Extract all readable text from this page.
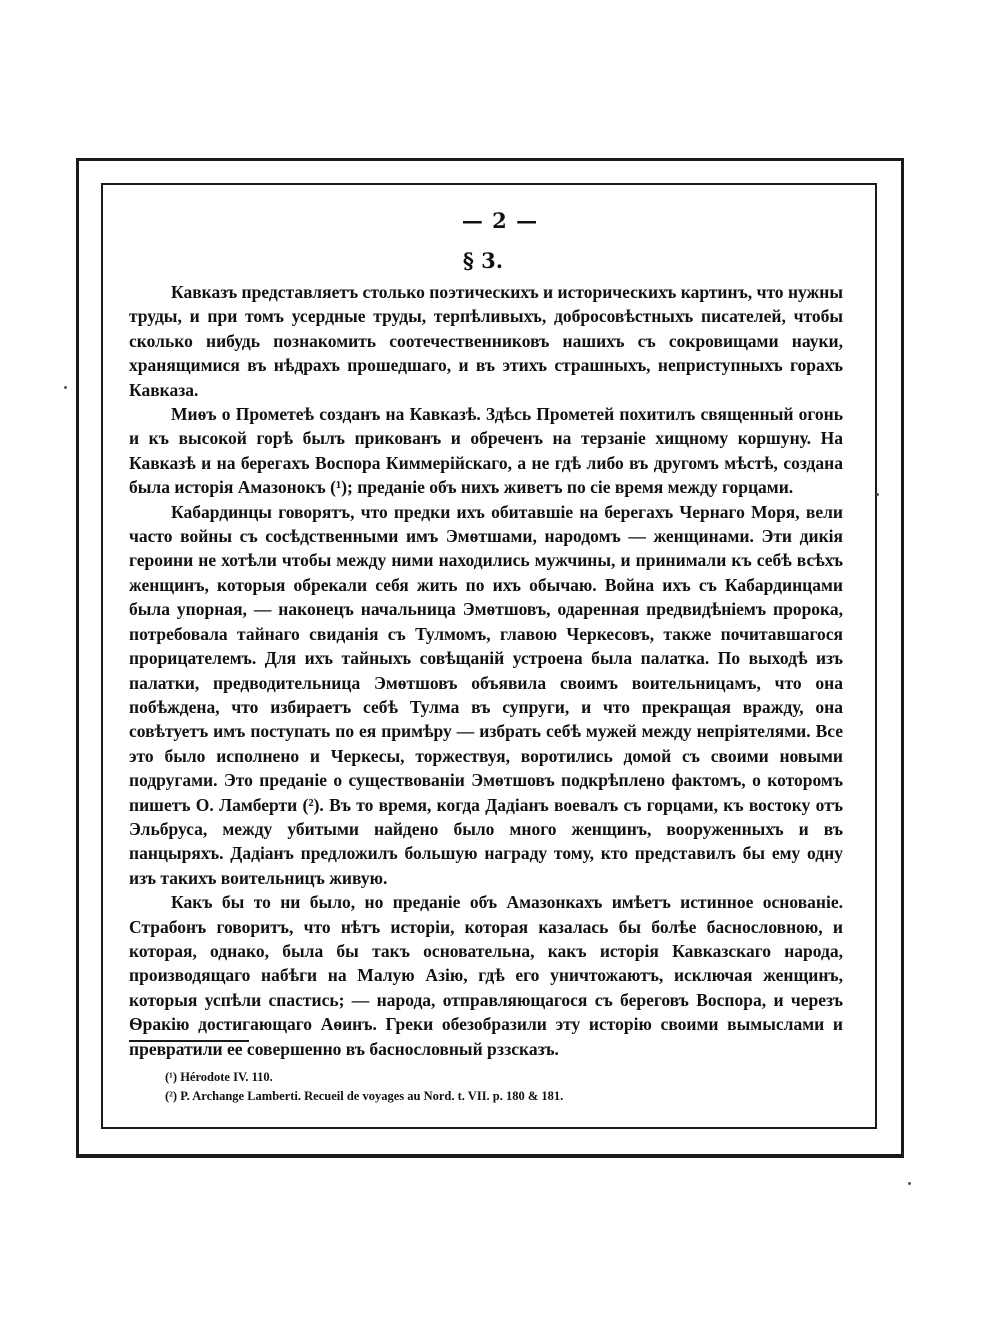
— 2 —
§ 3.

Кавказъ представляетъ столько поэтическихъ и историческихъ картинъ, что нужны труды, и при томъ усердные труды, терпѣливыхъ, добросовѣстныхъ писателей, чтобы сколько нибудь познакомить соотечественниковъ нашихъ съ сокровищами науки, хранящимися въ нѣдрахъ прошедшаго, и въ этихъ страшныхъ, неприступныхъ горахъ Кавказа.

Миѳъ о Прометеѣ созданъ на Кавказѣ. Здѣсь Прометей похитилъ священный огонь и къ высокой горѣ былъ прикованъ и обреченъ на терзаніе хищному коршуну. На Кавказѣ и на берегахъ Воспора Киммерійскаго, а не гдѣ либо въ другомъ мѣстѣ, создана была исторія Амазонокъ (¹); преданіе объ нихъ живетъ по сіе время между горцами.

Кабардинцы говорятъ, что предки ихъ обитавшіе на берегахъ Чернаго Моря, вели часто войны съ сосѣдственными имъ Эмѳтшами, народомъ — женщинами. Эти дикія героини не хотѣли чтобы между ними находились мужчины, и принимали къ себѣ всѣхъ женщинъ, которыя обрекали себя жить по ихъ обычаю. Война ихъ съ Кабардинцами была упорная, — наконецъ начальница Эмѳтшовъ, одаренная предвидѣніемъ пророка, потребовала тайнаго свиданія съ Тулмомъ, главою Черкесовъ, также почитавшагося прорицателемъ. Для ихъ тайныхъ совѣщаній устроена была палатка. По выходѣ изъ палатки, предводительница Эмѳтшовъ объявила своимъ воительницамъ, что она побѣждена, что избираетъ себѣ Тулма въ супруги, и что прекращая вражду, она совѣтуетъ имъ поступать по ея примѣру — избрать себѣ мужей между непріятелями. Все это было исполнено и Черкесы, торжествуя, воротились домой съ своими новыми подругами. Это преданіе о существованіи Эмѳтшовъ подкрѣплено фактомъ, о которомъ пишетъ О. Ламберти (²). Въ то время, когда Дадіанъ воевалъ съ горцами, къ востоку отъ Эльбруса, между убитыми найдено было много женщинъ, вооруженныхъ и въ панцыряхъ. Дадіанъ предложилъ большую награду тому, кто представилъ бы ему одну изъ такихъ воительницъ живую.

Какъ бы то ни было, но преданіе объ Амазонкахъ имѣетъ истинное основаніе. Страбонъ говоритъ, что нѣтъ исторіи, которая казалась бы болѣе баснословною, и которая, однако, была бы такъ основательна, какъ исторія Кавказскаго народа, производящаго набѣги на Малую Азію, гдѣ его уничтожаютъ, исключая женщинъ, которыя успѣли спастись; — народа, отправляющагося съ береговъ Воспора, и черезъ Ѳракію достигающаго Аѳинъ. Греки обезобразили эту исторію своими вымыслами и превратили ее совершенно въ баснословный рззсказъ.

(¹) Hérodote IV. 110.
(²) P. Archange Lamberti. Recueil de voyages au Nord. t. VII. p. 180 & 181.
